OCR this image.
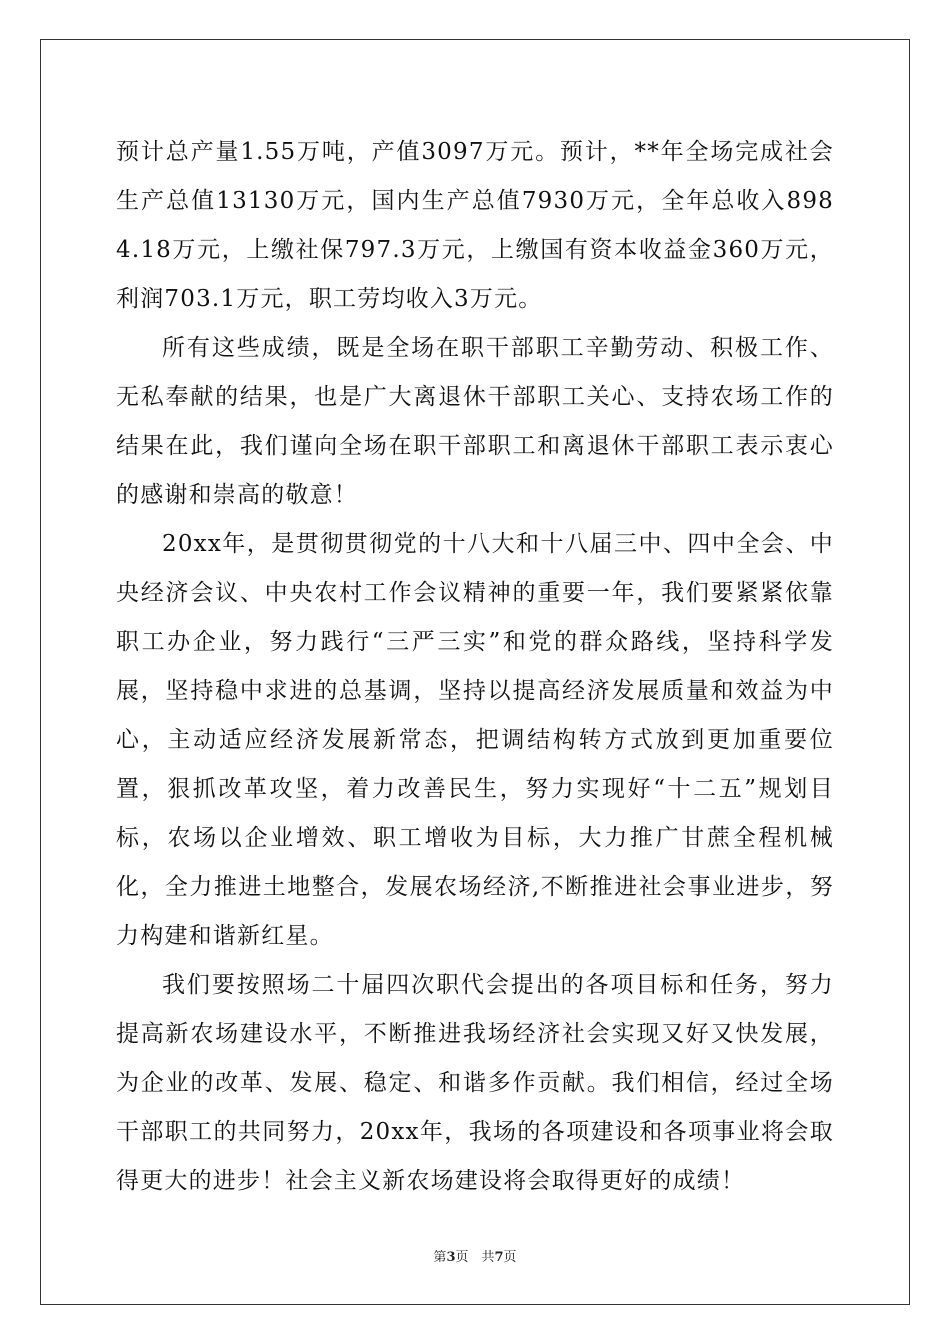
预计总产量1.55万吨，产值3097万元。预计，**年全场完成社会生产总值13130万元，国内生产总值7930万元，全年总收入8984.18万元，上缴社保797.3万元，上缴国有资本收益金360万元，利润703.1万元，职工劳均收入3万元。

所有这些成绩，既是全场在职干部职工辛勤劳动、积极工作、无私奉献的结果，也是广大离退休干部职工关心、支持农场工作的结果在此，我们谨向全场在职干部职工和离退休干部职工表示衷心的感谢和崇高的敬意！

20xx年，是贯彻贯彻党的十八大和十八届三中、四中全会、中央经济会议、中央农村工作会议精神的重要一年，我们要紧紧依靠职工办企业，努力践行“三严三实”和党的群众路线，坚持科学发展，坚持稳中求进的总基调，坚持以提高经济发展质量和效益为中心，主动适应经济发展新常态，把调结构转方式放到更加重要位置，狠抓改革攻坚，着力改善民生，努力实现好“十二五”规划目标，农场以企业增效、职工增收为目标，大力推广甘蔗全程机械化，全力推进土地整合，发展农场经济,不断推进社会事业进步，努力构建和谐新红星。

我们要按照场二十届四次职代会提出的各项目标和任务，努力提高新农场建设水平，不断推进我场经济社会实现又好又快发展，为企业的改革、发展、稳定、和谐多作贡献。我们相信，经过全场干部职工的共同努力，20xx年，我场的各项建设和各项事业将会取得更大的进步！社会主义新农场建设将会取得更好的成绩！

第3页　共7页
